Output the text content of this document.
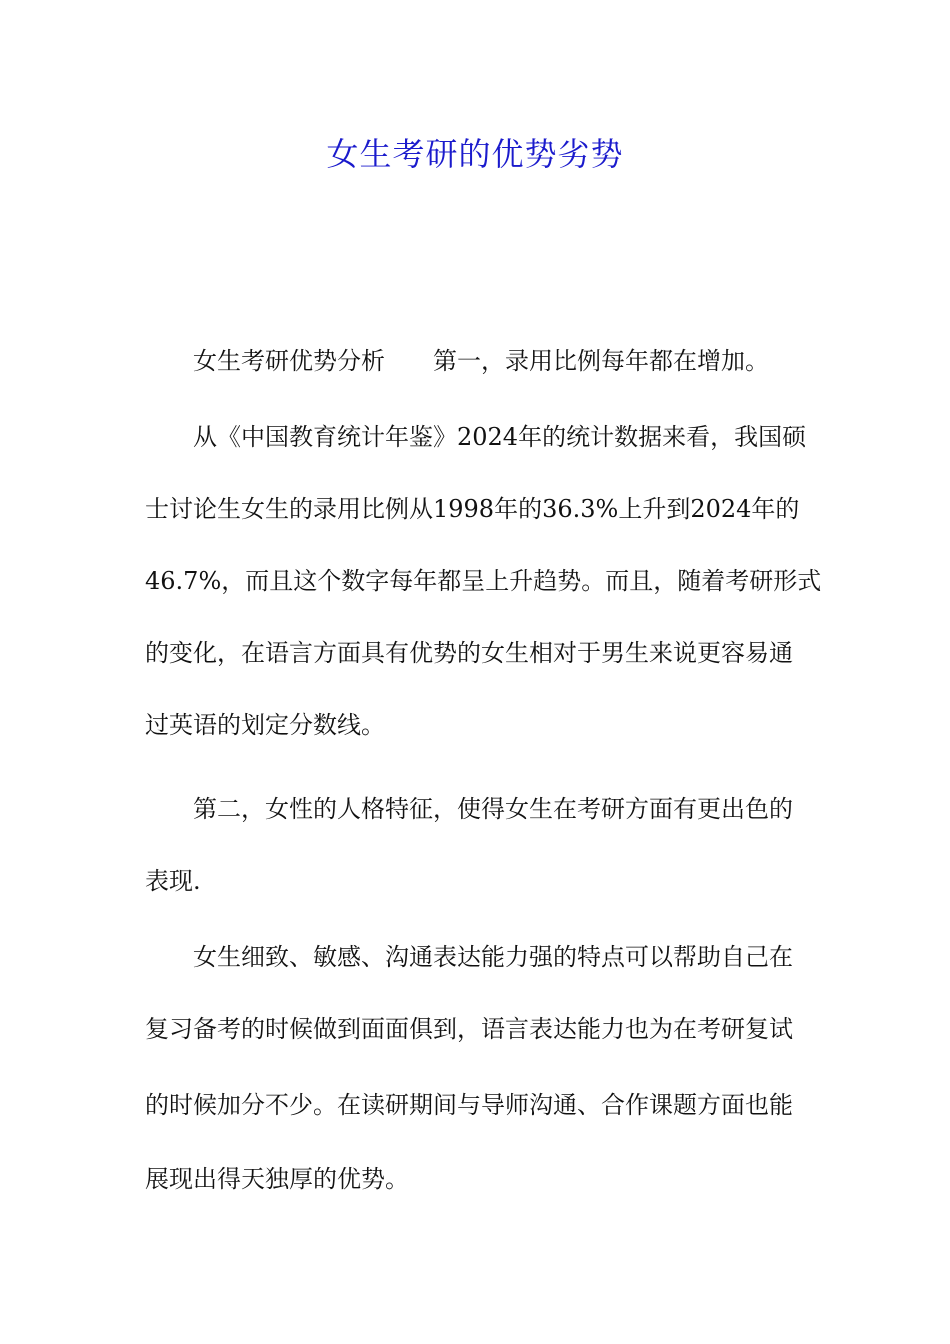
女生考研的优势劣势
女生考研优势分析 第一，录用比例每年都在增加。
从《中国教育统计年鉴》2024年的统计数据来看，我国硕
士讨论生女生的录用比例从1998年的36.3%上升到2024年的
46.7%，而且这个数字每年都呈上升趋势。而且，随着考研形式
的变化，在语言方面具有优势的女生相对于男生来说更容易通
过英语的划定分数线。
第二，女性的人格特征，使得女生在考研方面有更出色的
表现.
女生细致、敏感、沟通表达能力强的特点可以帮助自己在
复习备考的时候做到面面俱到，语言表达能力也为在考研复试
的时候加分不少。在读研期间与导师沟通、合作课题方面也能
展现出得天独厚的优势。
